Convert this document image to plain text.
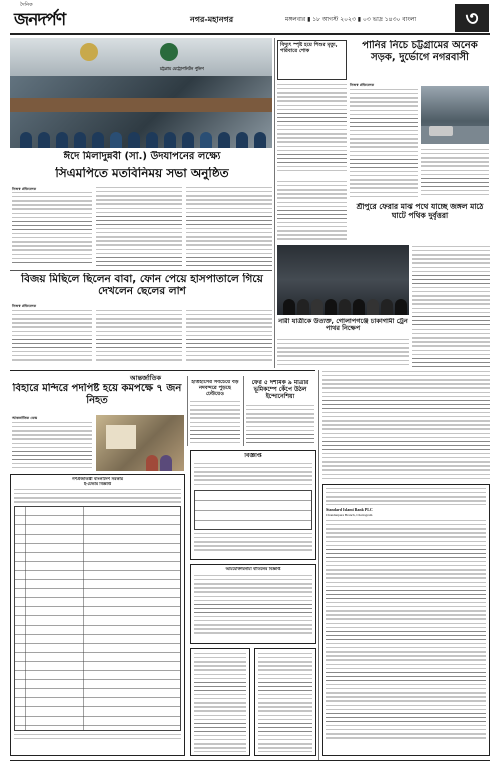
দৈনিক
জনদর্পণ	নগর-মহানগর	মঙ্গলবার ▮ ১৮ আগস্ট ২০২৩ ▮ ০৩ ভাদ্র ১৪৩০ বাংলা	৩
চট্টগ্রাম মেট্রোপলিটন পুলিশ
ঈদে মিলাদুন্নবী (সা.) উদযাপনের লক্ষ্যে
সিএমপিতে মতবিনিময় সভা অনুষ্ঠিত
নিজস্ব প্রতিবেদক
বিজয় মিছিলে ছিলেন বাবা, ফোন পেয়ে হাসপাতালে গিয়ে দেখলেন ছেলের লাশ
নিজস্ব প্রতিবেদক
বিদ্যুৎ স্পৃষ্ট হয়ে শিশুর মৃত্যু, পরিবারে শোক	পানির নিচে চট্টগ্রামের অনেক সড়ক, দুর্ভোগে নগরবাসী
নিজস্ব প্রতিবেদক
নারী যাত্রীকে উত্যক্ত, গোলাপগঞ্জে চাকাগামী ট্রেন পাথর নিক্ষেপ
শ্রীপুরে ফেরার মাঝ পথে যাচ্ছে জঙ্গল মাঠে ঘাটে পথিক দুর্বৃত্তরা
আন্তর্জাতিক
বিহারে মন্দিরে পদপিষ্ট হয়ে কমপক্ষে ৭ জন নিহত
আন্তর্জাতিক ডেস্ক
ইতিহাসের সবচেয়ে বড় নদবন্দরে পুড়ছে ঢেউয়েও
ফের ৫ দশমিক ৯ মাত্রার ভূমিকম্পে কেঁপে উঠল ইন্দোনেশিয়া
গণপ্রজাতন্ত্রী বাংলাদেশ সরকার
ই-টেন্ডার বিজ্ঞপ্তি
বিজ্ঞপ্তি
আমমোক্তারনামা বাতিলের বিজ্ঞপ্তি
Standard Islami Bank PLC
Chandanpura Branch, Chattogram
